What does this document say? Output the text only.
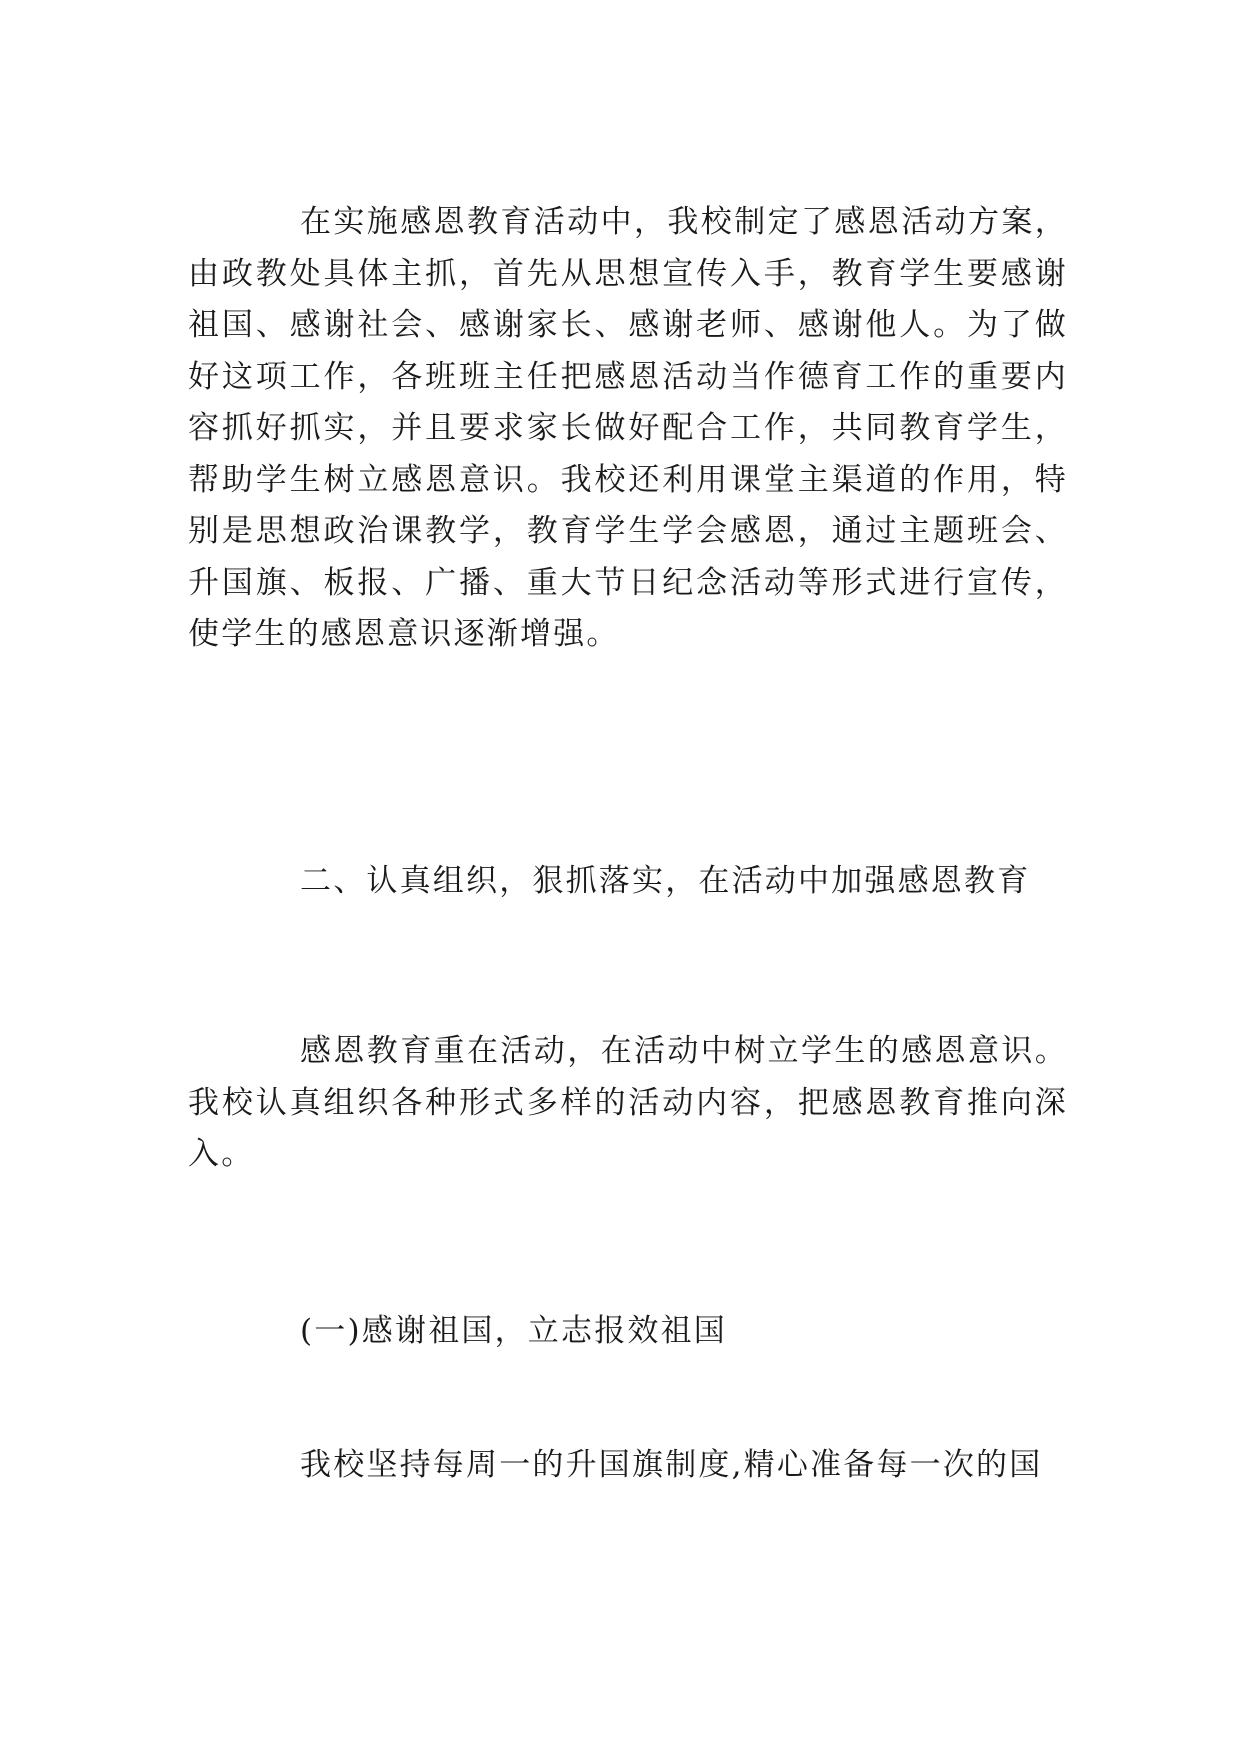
在实施感恩教育活动中，我校制定了感恩活动方案，由政教处具体主抓，首先从思想宣传入手，教育学生要感谢祖国、感谢社会、感谢家长、感谢老师、感谢他人。为了做好这项工作，各班班主任把感恩活动当作德育工作的重要内容抓好抓实，并且要求家长做好配合工作，共同教育学生，帮助学生树立感恩意识。我校还利用课堂主渠道的作用，特别是思想政治课教学，教育学生学会感恩，通过主题班会、升国旗、板报、广播、重大节日纪念活动等形式进行宣传，使学生的感恩意识逐渐增强。
二、认真组织，狠抓落实，在活动中加强感恩教育
感恩教育重在活动，在活动中树立学生的感恩意识。我校认真组织各种形式多样的活动内容，把感恩教育推向深入。
(一)感谢祖国，立志报效祖国
我校坚持每周一的升国旗制度,精心准备每一次的国
